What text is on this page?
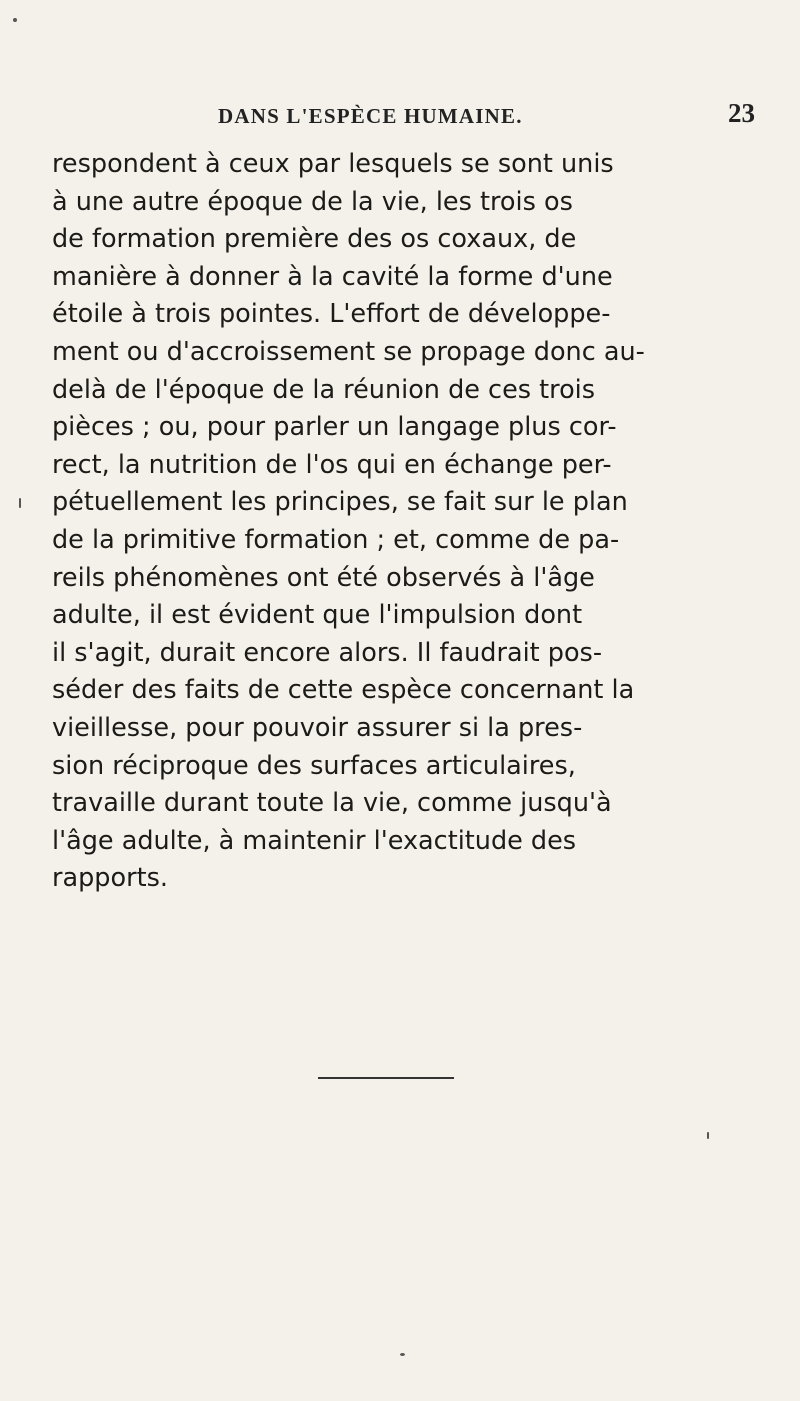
DANS L'ESPÈCE HUMAINE.	23
respondent à ceux par lesquels se sont unis
à une autre époque de la vie, les trois os
de formation première des os coxaux, de
manière à donner à la cavité la forme d'une
étoile à trois pointes. L'effort de développe-
ment ou d'accroissement se propage donc au-
delà de l'époque de la réunion de ces trois
pièces ; ou, pour parler un langage plus cor-
rect, la nutrition de l'os qui en échange per-
pétuellement les principes, se fait sur le plan
de la primitive formation ; et, comme de pa-
reils phénomènes ont été observés à l'âge
adulte, il est évident que l'impulsion dont
il s'agit, durait encore alors. Il faudrait pos-
séder des faits de cette espèce concernant la
vieillesse, pour pouvoir assurer si la pres-
sion réciproque des surfaces articulaires,
travaille durant toute la vie, comme jusqu'à
l'âge adulte, à maintenir l'exactitude des
rapports.
